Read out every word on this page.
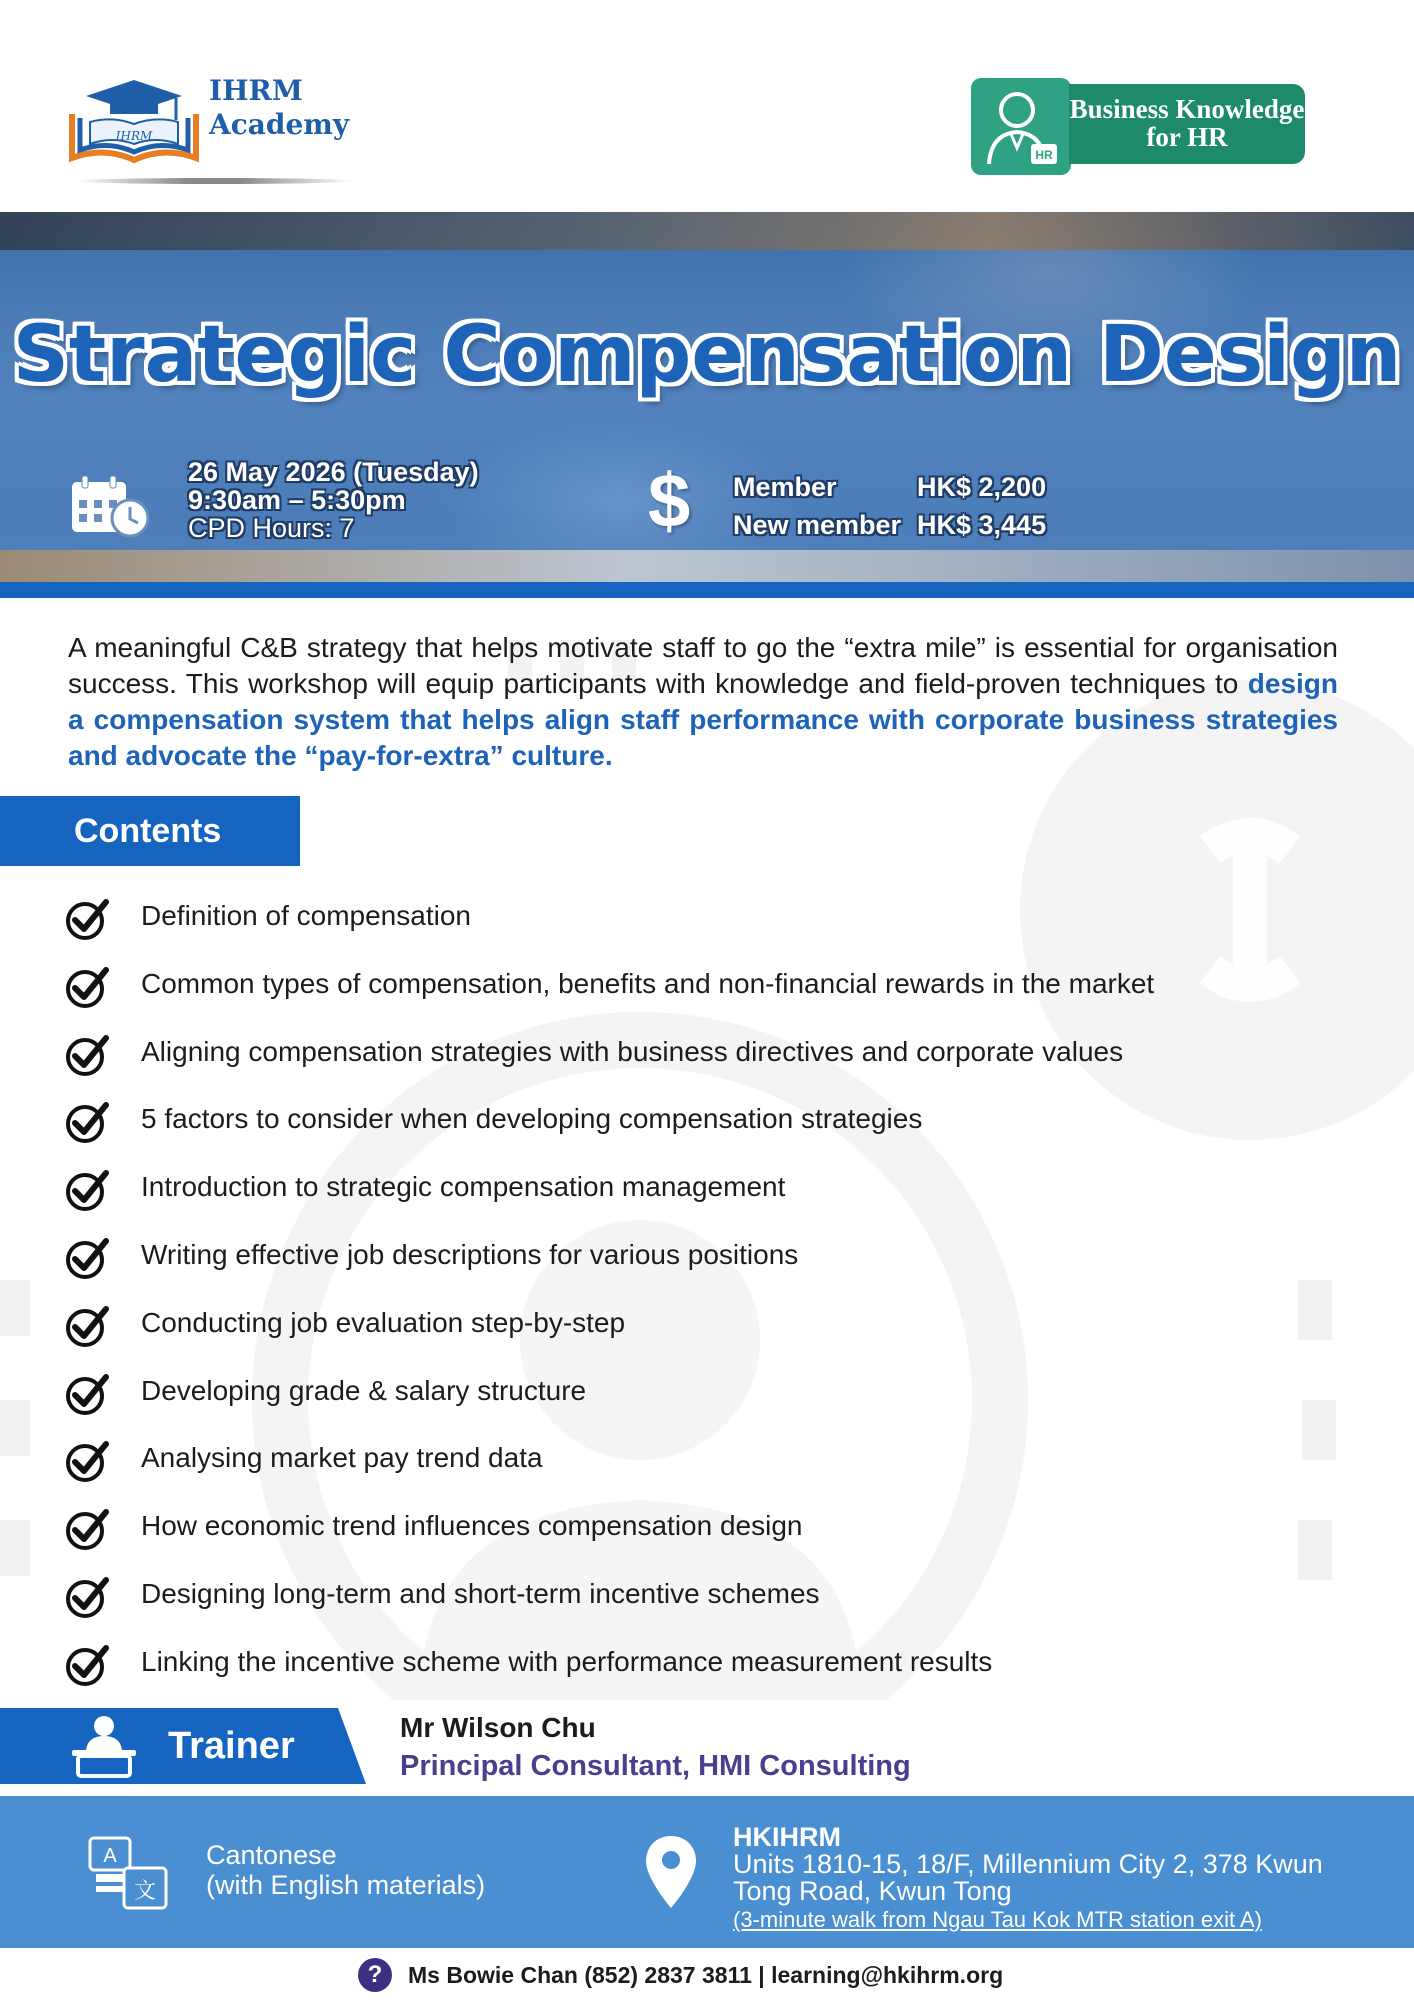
IHRM
IHRM
Academy
HR
Business Knowledge
for HR
Strategic Compensation Design
26 May 2026 (Tuesday)
9:30am – 5:30pm
CPD Hours: 7	$ Member	HK$ 2,200
New member HK$ 3,445

A meaningful C&B strategy that helps motivate staff to go the “extra mile” is essential for organisation success. This workshop will equip participants with knowledge and field-proven techniques to design a compensation system that helps align staff performance with corporate business strategies and advocate the “pay-for-extra” culture.

Contents
Definition of compensation
Common types of compensation, benefits and non-financial rewards in the market
Aligning compensation strategies with business directives and corporate values
5 factors to consider when developing compensation strategies
Introduction to strategic compensation management
Writing effective job descriptions for various positions
Conducting job evaluation step-by-step
Developing grade & salary structure
Analysing market pay trend data
How economic trend influences compensation design
Designing long-term and short-term incentive schemes
Linking the incentive scheme with performance measurement results
Trainer	Mr Wilson Chu
Principal Consultant, HMI Consulting
A
文
Cantonese
(with English materials)
HKIHRM
Units 1810-15, 18/F, Millennium City 2, 378 Kwun Tong Road, Kwun Tong
(3-minute walk from Ngau Tau Kok MTR station exit A)
?	Ms Bowie Chan (852) 2837 3811 | learning@hkihrm.org
